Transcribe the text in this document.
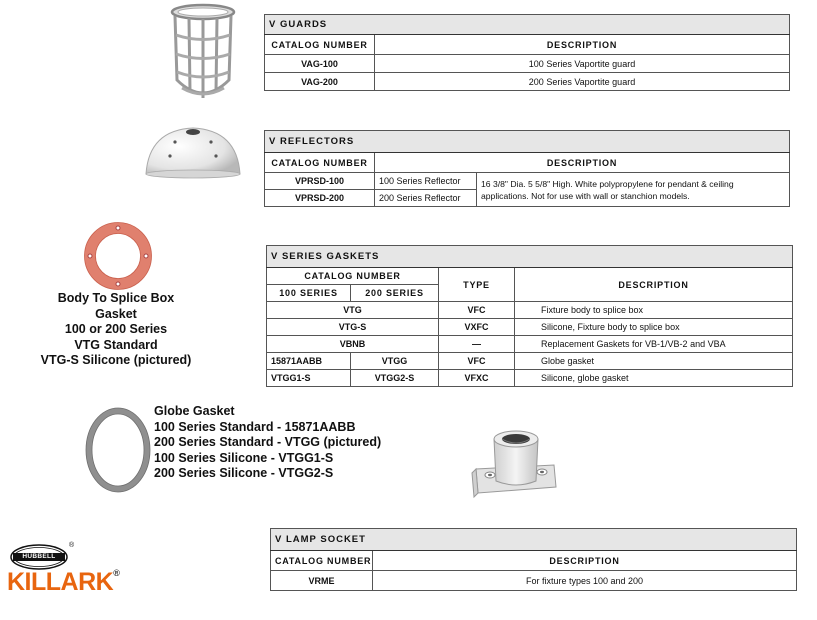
V GUARDS	
CATALOG NUMBER	DESCRIPTION
VAG-100	100 Series Vaportite guard
VAG-200	200 Series Vaportite guard
V REFLECTORS		
CATALOG NUMBER	DESCRIPTION	
VPRSD-100	100 Series Reflector	16 3/8" Dia. 5 5/8" High. White polypropylene for pendant & ceiling
applications. Not for use with wall or stanchion models.

VPRSD-200	200 Series Reflector	
V SERIES GASKETS			
CATALOG NUMBER		TYPE	DESCRIPTION
100 SERIES	200 SERIES		
VTG		VFC	Fixture body to splice box
VTG-S		VXFC	Silicone, Fixture body to splice box
VBNB		—	Replacement Gaskets for VB-1/VB-2 and VBA
15871AABB	VTGG	VFC	Globe gasket
VTGG1-S	VTGG2-S	VFXC	Silicone, globe gasket
V LAMP SOCKET	
CATALOG NUMBER	DESCRIPTION
VRME	For fixture types 100 and 200
Body To Splice Box
Gasket
100 or 200 Series
VTG Standard
VTG-S Silicone (pictured)
Globe Gasket
100 Series Standard - 15871AABB
200 Series Standard - VTGG (pictured)
100 Series Silicone - VTGG1-S
200 Series Silicone - VTGG2-S
HUBBELL
®
KILLARK®
